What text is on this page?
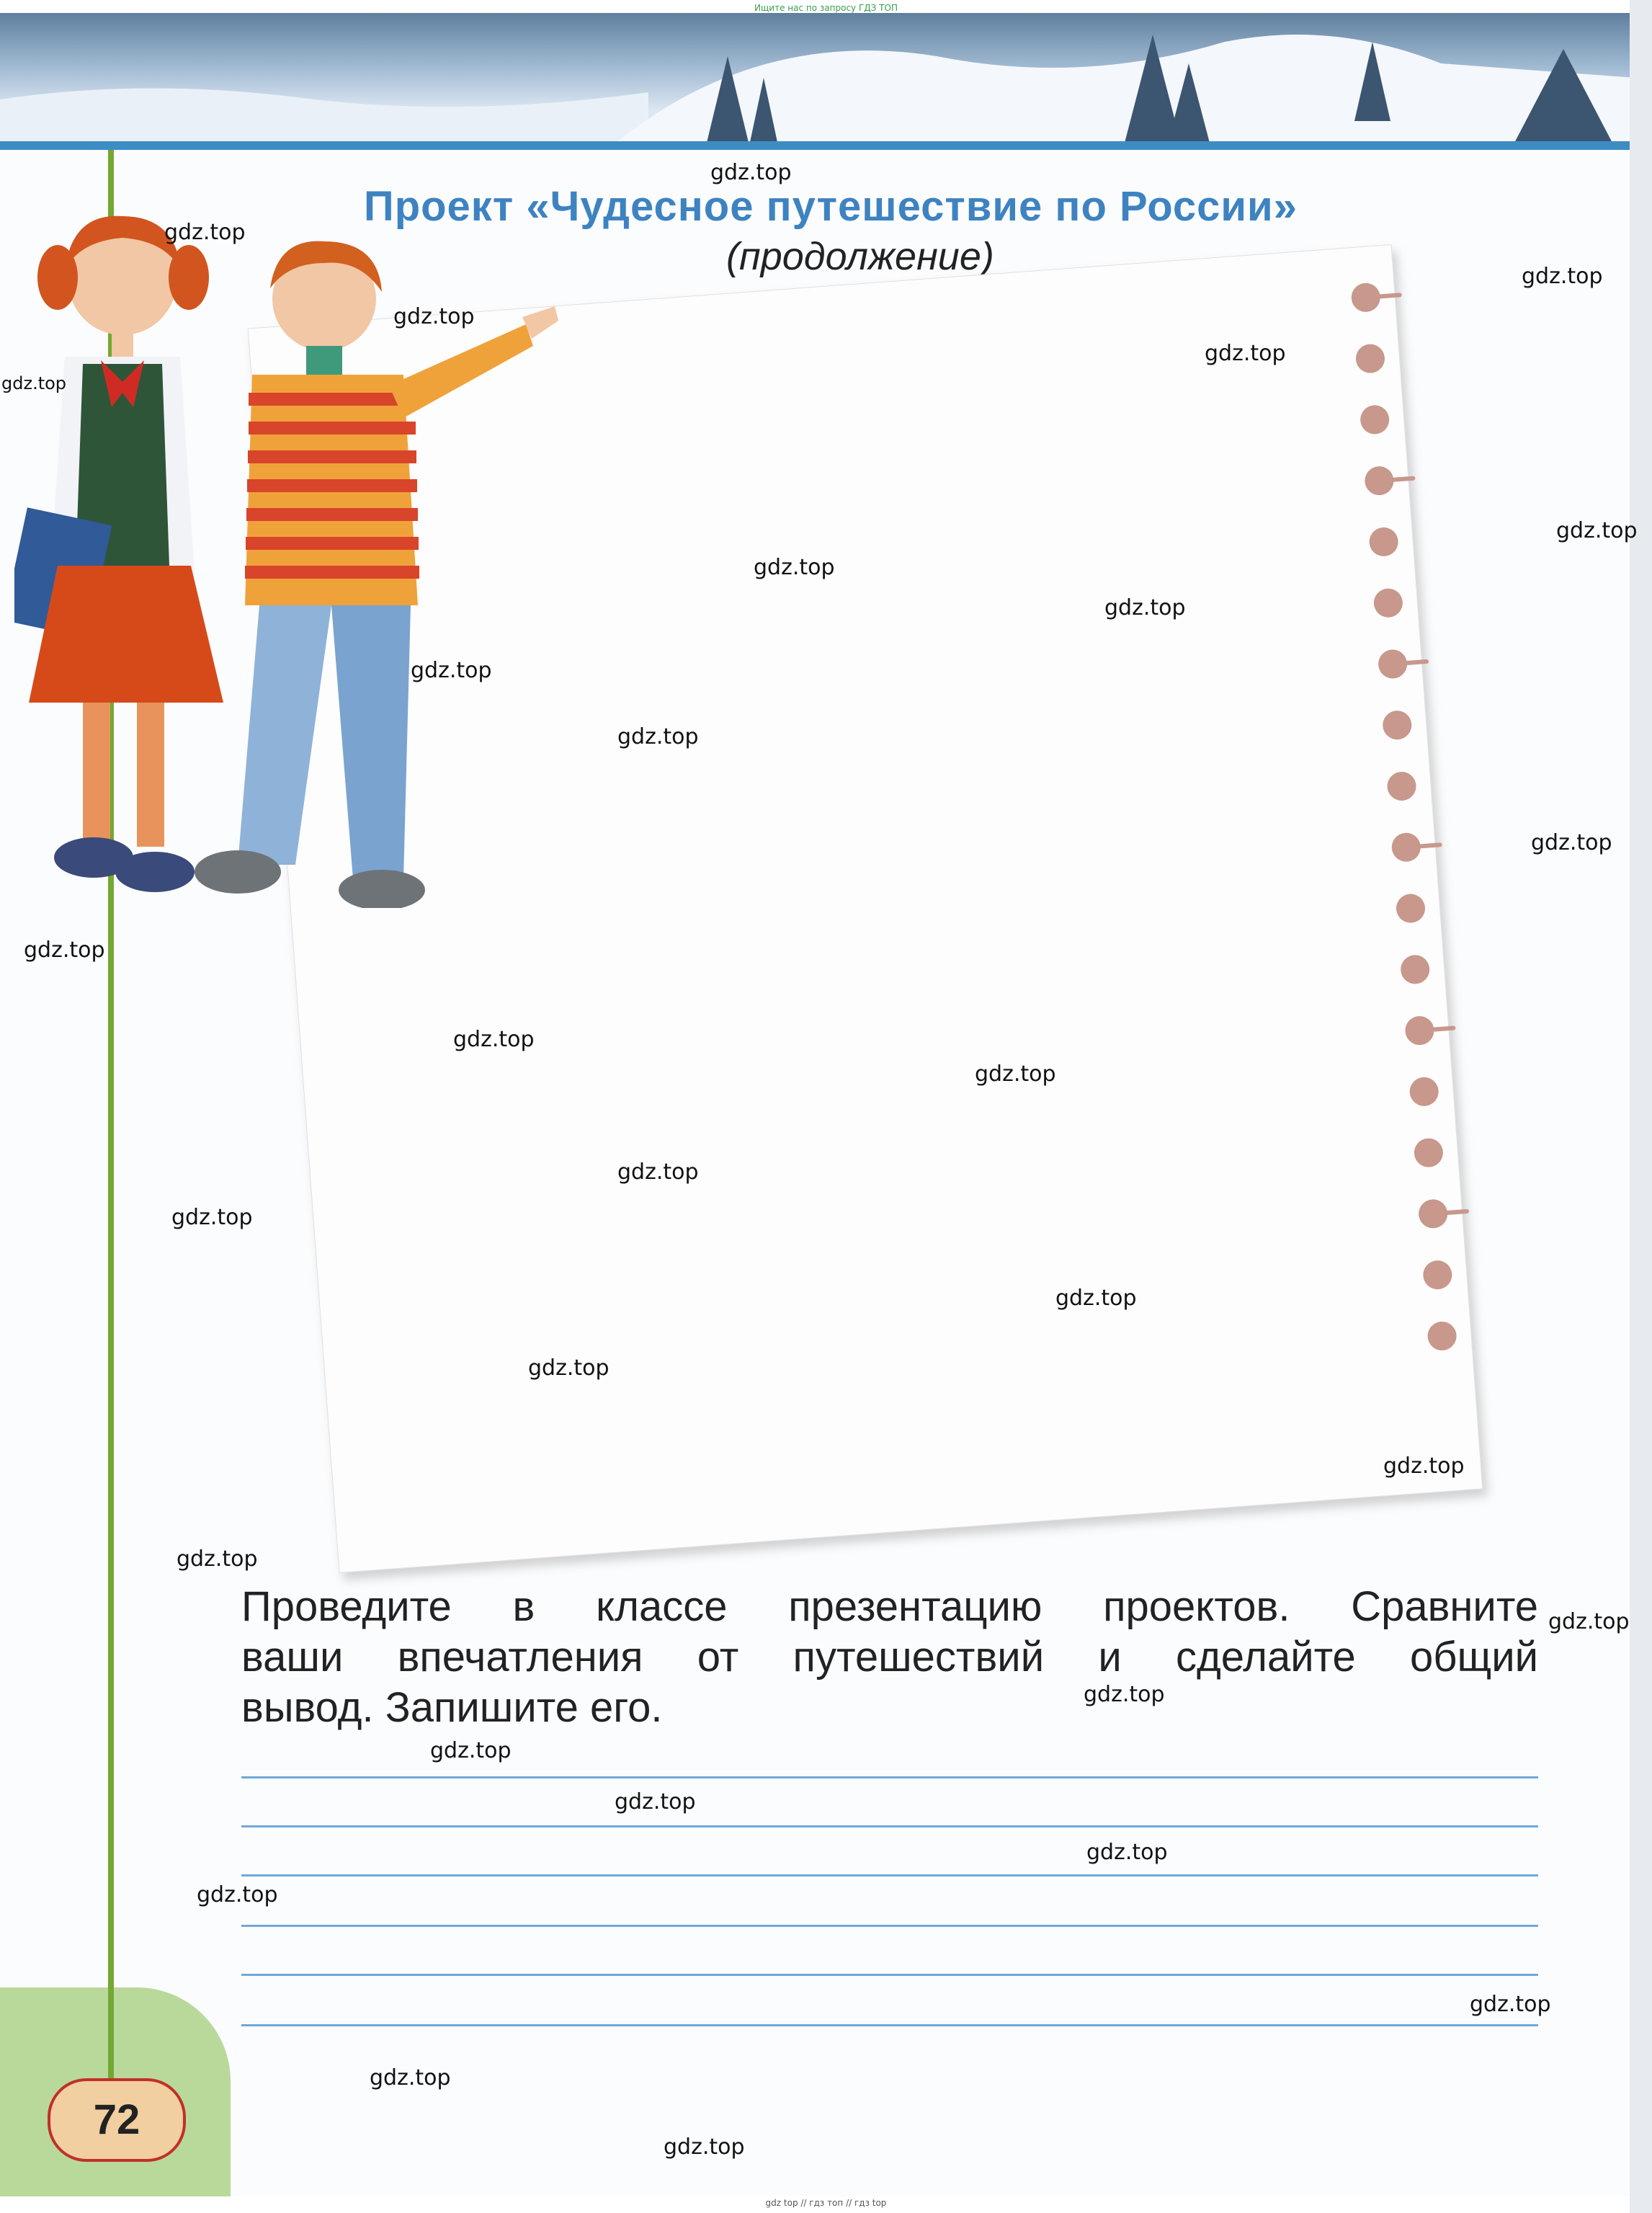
Ищите нас по запросу ГДЗ ТОП
Проект «Чудесное путешествие по России»
(продолжение)
Проведите в классе презентацию проектов. Сравните
ваши впечатления от путешествий и сделайте общий
вывод. Запишите его.
72
gdz top // гдз топ // гдз top
gdz.top
gdz.top
gdz.top
gdz.top
gdz.top
gdz.top
gdz.top
gdz.top
gdz.top
gdz.top
gdz.top
gdz.top
gdz.top
gdz.top
gdz.top
gdz.top
gdz.top
gdz.top
gdz.top
gdz.top
gdz.top
gdz.top
gdz.top
gdz.top
gdz.top
gdz.top
gdz.top
gdz.top
gdz.top
gdz.top
